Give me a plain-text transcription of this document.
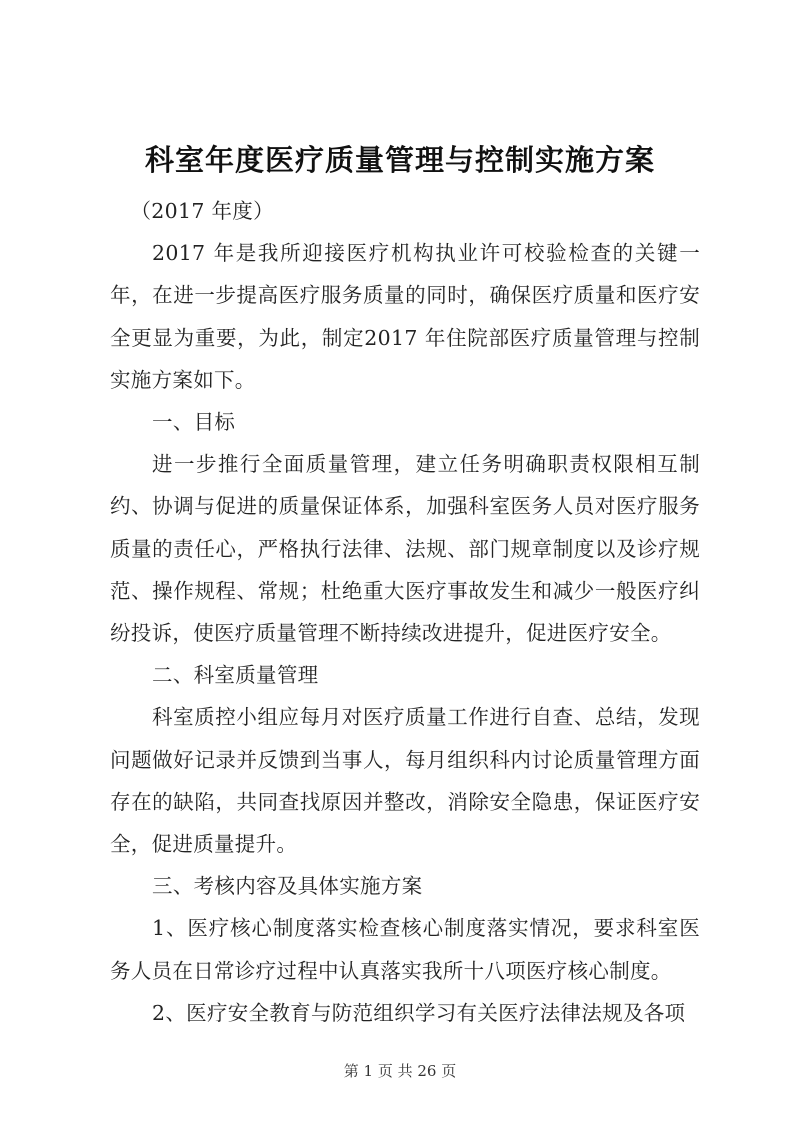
科室年度医疗质量管理与控制实施方案

（2017 年度）

2017 年是我所迎接医疗机构执业许可校验检查的关键一年，在进一步提高医疗服务质量的同时，确保医疗质量和医疗安全更显为重要，为此，制定2017 年住院部医疗质量管理与控制实施方案如下。

一、目标

进一步推行全面质量管理，建立任务明确职责权限相互制约、协调与促进的质量保证体系，加强科室医务人员对医疗服务质量的责任心，严格执行法律、法规、部门规章制度以及诊疗规范、操作规程、常规；杜绝重大医疗事故发生和减少一般医疗纠纷投诉，使医疗质量管理不断持续改进提升，促进医疗安全。

二、科室质量管理

科室质控小组应每月对医疗质量工作进行自查、总结，发现问题做好记录并反馈到当事人，每月组织科内讨论质量管理方面存在的缺陷，共同查找原因并整改，消除安全隐患，保证医疗安全，促进质量提升。

三、考核内容及具体实施方案

1、医疗核心制度落实检查核心制度落实情况，要求科室医务人员在日常诊疗过程中认真落实我所十八项医疗核心制度。

2、医疗安全教育与防范组织学习有关医疗法律法规及各项

第 1 页 共 26 页
